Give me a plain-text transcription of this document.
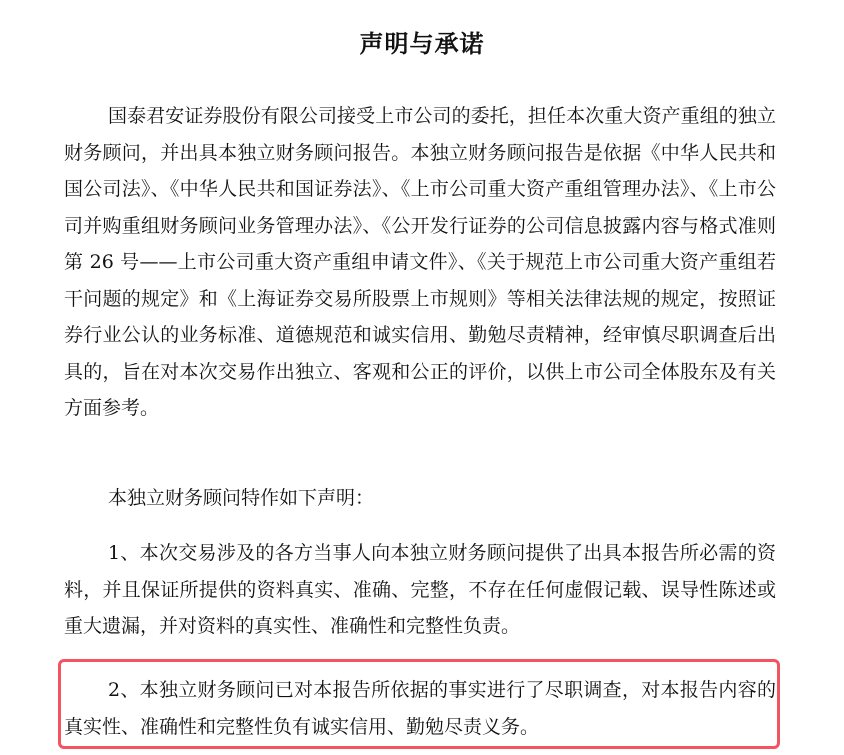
声明与承诺

国泰君安证券股份有限公司接受上市公司的委托，担任本次重大资产重组的独立财务顾问，并出具本独立财务顾问报告。本独立财务顾问报告是依据《中华人民共和国公司法》、《中华人民共和国证券法》、《上市公司重大资产重组管理办法》、《上市公司并购重组财务顾问业务管理办法》、《公开发行证券的公司信息披露内容与格式准则第 26 号——上市公司重大资产重组申请文件》、《关于规范上市公司重大资产重组若干问题的规定》和《上海证券交易所股票上市规则》等相关法律法规的规定，按照证券行业公认的业务标准、道德规范和诚实信用、勤勉尽责精神，经审慎尽职调查后出具的，旨在对本次交易作出独立、客观和公正的评价，以供上市公司全体股东及有关方面参考。

本独立财务顾问特作如下声明：

1、本次交易涉及的各方当事人向本独立财务顾问提供了出具本报告所必需的资料，并且保证所提供的资料真实、准确、完整，不存在任何虚假记载、误导性陈述或重大遗漏，并对资料的真实性、准确性和完整性负责。

2、本独立财务顾问已对本报告所依据的事实进行了尽职调查，对本报告内容的真实性、准确性和完整性负有诚实信用、勤勉尽责义务。
